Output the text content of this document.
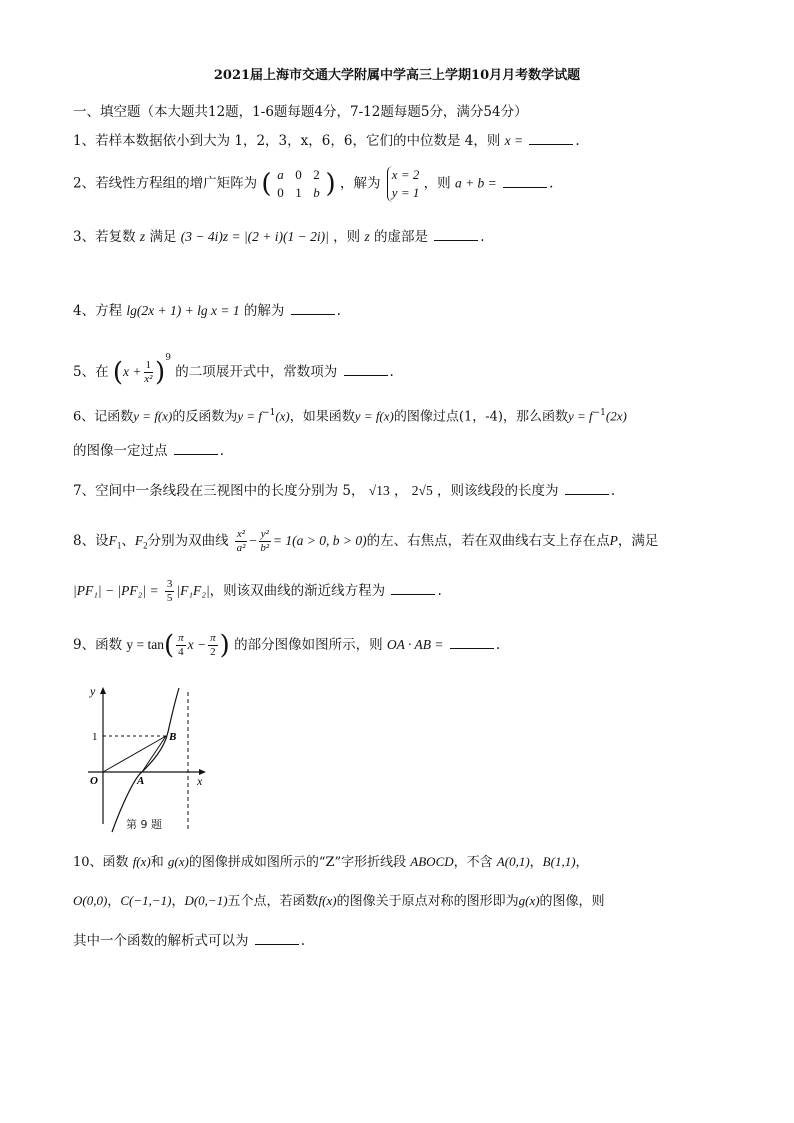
2021届上海市交通大学附属中学高三上学期10月月考数学试题
一、填空题（本大题共12题，1-6题每题4分，7-12题每题5分，满分54分）
1、若样本数据依小到大为 1，2，3，x，6，6，它们的中位数是 4，则 x =	.
2、若线性方程组的增广矩阵为 ( a 0 2
0 1 b ) ，解为
x = 2
y = 1
，则 a + b =	.
3、若复数 z 满足 (3 − 4i)z = |(2 + i)(1 − 2i)| ，则 z 的虚部是	.
4、方程 lg(2x + 1) + lg x = 1 的解为	.
5、在 $(x + \frac{1}{\text{x²}} )^9$ 的二项展开式中，常数项为	.
6、记函数y = f(x)的反函数为$y = f^{-1}(x)$，如果函数y = f(x)的图像过点(1，-4)，那么函数$y = f^{-1}(2x)$
的图像一定过点	.
7、空间中一条线段在三视图中的长度分别为 5， √13 ， 2√5 ，则该线段的长度为	.
8、设$F_1$、$F_2$分别为双曲线 $\frac{\text{x²}}{\text{a²}} - \frac{\text{y²}}{\text{b²}} = 1(a > 0$, b > 0)的左、右焦点，若在双曲线右支上存在点P，满足
$|PF_1| - |PF_2| = \frac{3}{5} |F_1F_2|$，则该双曲线的渐近线方程为	.
9、函数 $y = \tan( \frac{\pi}{4}$ $x - \frac{\pi}{2}$ ) 的部分图像如图所示，则 OA · AB =	.
y
x
1	B
O	A
第 9 题
10、函数 f(x)和 g(x)的图像拼成如图所示的“Z”字形折线段 ABOCD，不含 A(0,1)，B(1,1)，
O(0,0)，C(−1,−1)，D(0,−1)五个点，若函数f(x)的图像关于原点对称的图形即为g(x)的图像，则
其中一个函数的解析式可以为	.
